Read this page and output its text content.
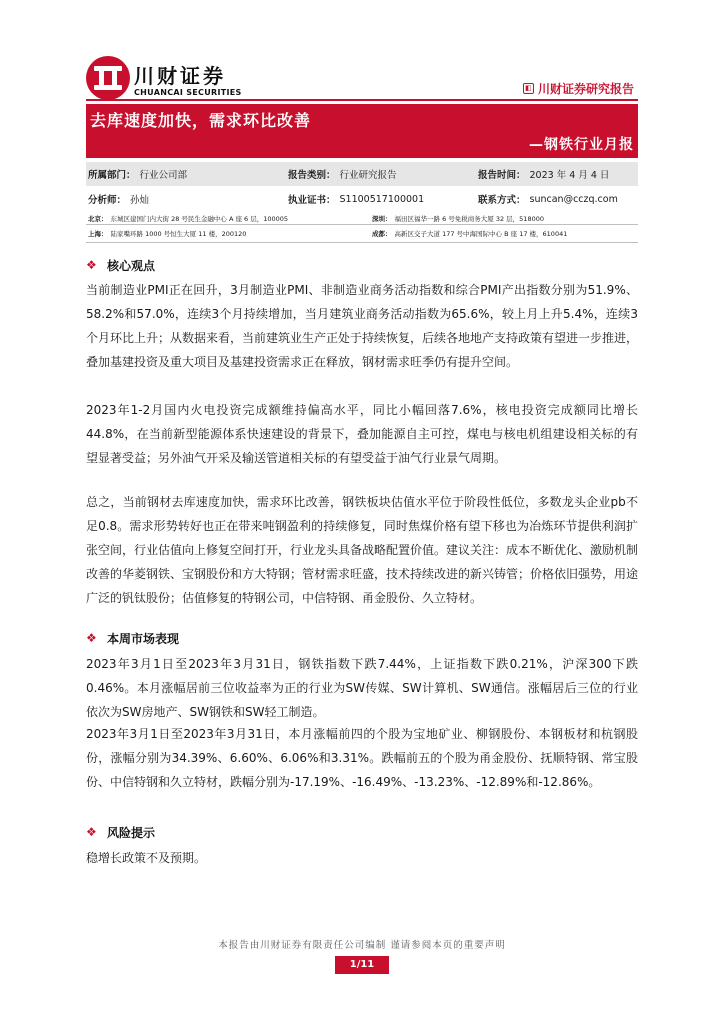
川财证券
CHUANCAI SECURITIES	◧ 川财证券研究报告
去库速度加快，需求环比改善
—钢铁行业月报
所属部门： 行业公司部	报告类别： 行业研究报告	报告时间： 2023 年 4 月 4 日
分析师： 孙灿	执业证书： S1100517100001	联系方式： suncan@cczq.com
北京： 东城区建国门内大街 28 号民生金融中心 A 座 6 层，100005	深圳： 福田区福华一路 6 号免税商务大厦 32 层，518000
上海： 陆家嘴环路 1000 号恒生大厦 11 楼，200120	成都： 高新区交子大道 177 号中海国际中心 B 座 17 楼，610041
❖ 核心观点

当前制造业PMI正在回升，3月制造业PMI、非制造业商务活动指数和综合PMI产出指数分别为51.9%、58.2%和57.0%，连续3个月持续增加，当月建筑业商务活动指数为65.6%，较上月上升5.4%，连续3个月环比上升；从数据来看，当前建筑业生产正处于持续恢复，后续各地地产支持政策有望进一步推进，叠加基建投资及重大项目及基建投资需求正在释放，钢材需求旺季仍有提升空间。

2023年1-2月国内火电投资完成额维持偏高水平，同比小幅回落7.6%，核电投资完成额同比增长44.8%，在当前新型能源体系快速建设的背景下，叠加能源自主可控，煤电与核电机组建设相关标的有望显著受益；另外油气开采及输送管道相关标的有望受益于油气行业景气周期。

总之，当前钢材去库速度加快，需求环比改善，钢铁板块估值水平位于阶段性低位，多数龙头企业pb不足0.8。需求形势转好也正在带来吨钢盈利的持续修复，同时焦煤价格有望下移也为冶炼环节提供利润扩张空间，行业估值向上修复空间打开，行业龙头具备战略配置价值。建议关注：成本不断优化、激励机制改善的华菱钢铁、宝钢股份和方大特钢；管材需求旺盛，技术持续改进的新兴铸管；价格依旧强势，用途广泛的钒钛股份；估值修复的特钢公司，中信特钢、甬金股份、久立特材。

❖ 本周市场表现

2023年3月1日至2023年3月31日，钢铁指数下跌7.44%，上证指数下跌0.21%，沪深300下跌0.46%。本月涨幅居前三位收益率为正的行业为SW传媒、SW计算机、SW通信。涨幅居后三位的行业依次为SW房地产、SW钢铁和SW轻工制造。

2023年3月1日至2023年3月31日，本月涨幅前四的个股为宝地矿业、柳钢股份、本钢板材和杭钢股份，涨幅分别为34.39%、6.60%、6.06%和3.31%。跌幅前五的个股为甬金股份、抚顺特钢、常宝股份、中信特钢和久立特材，跌幅分别为-17.19%、-16.49%、-13.23%、-12.89%和-12.86%。

❖ 风险提示

稳增长政策不及预期。

本报告由川财证券有限责任公司编制 谨请参阅本页的重要声明
1/11
